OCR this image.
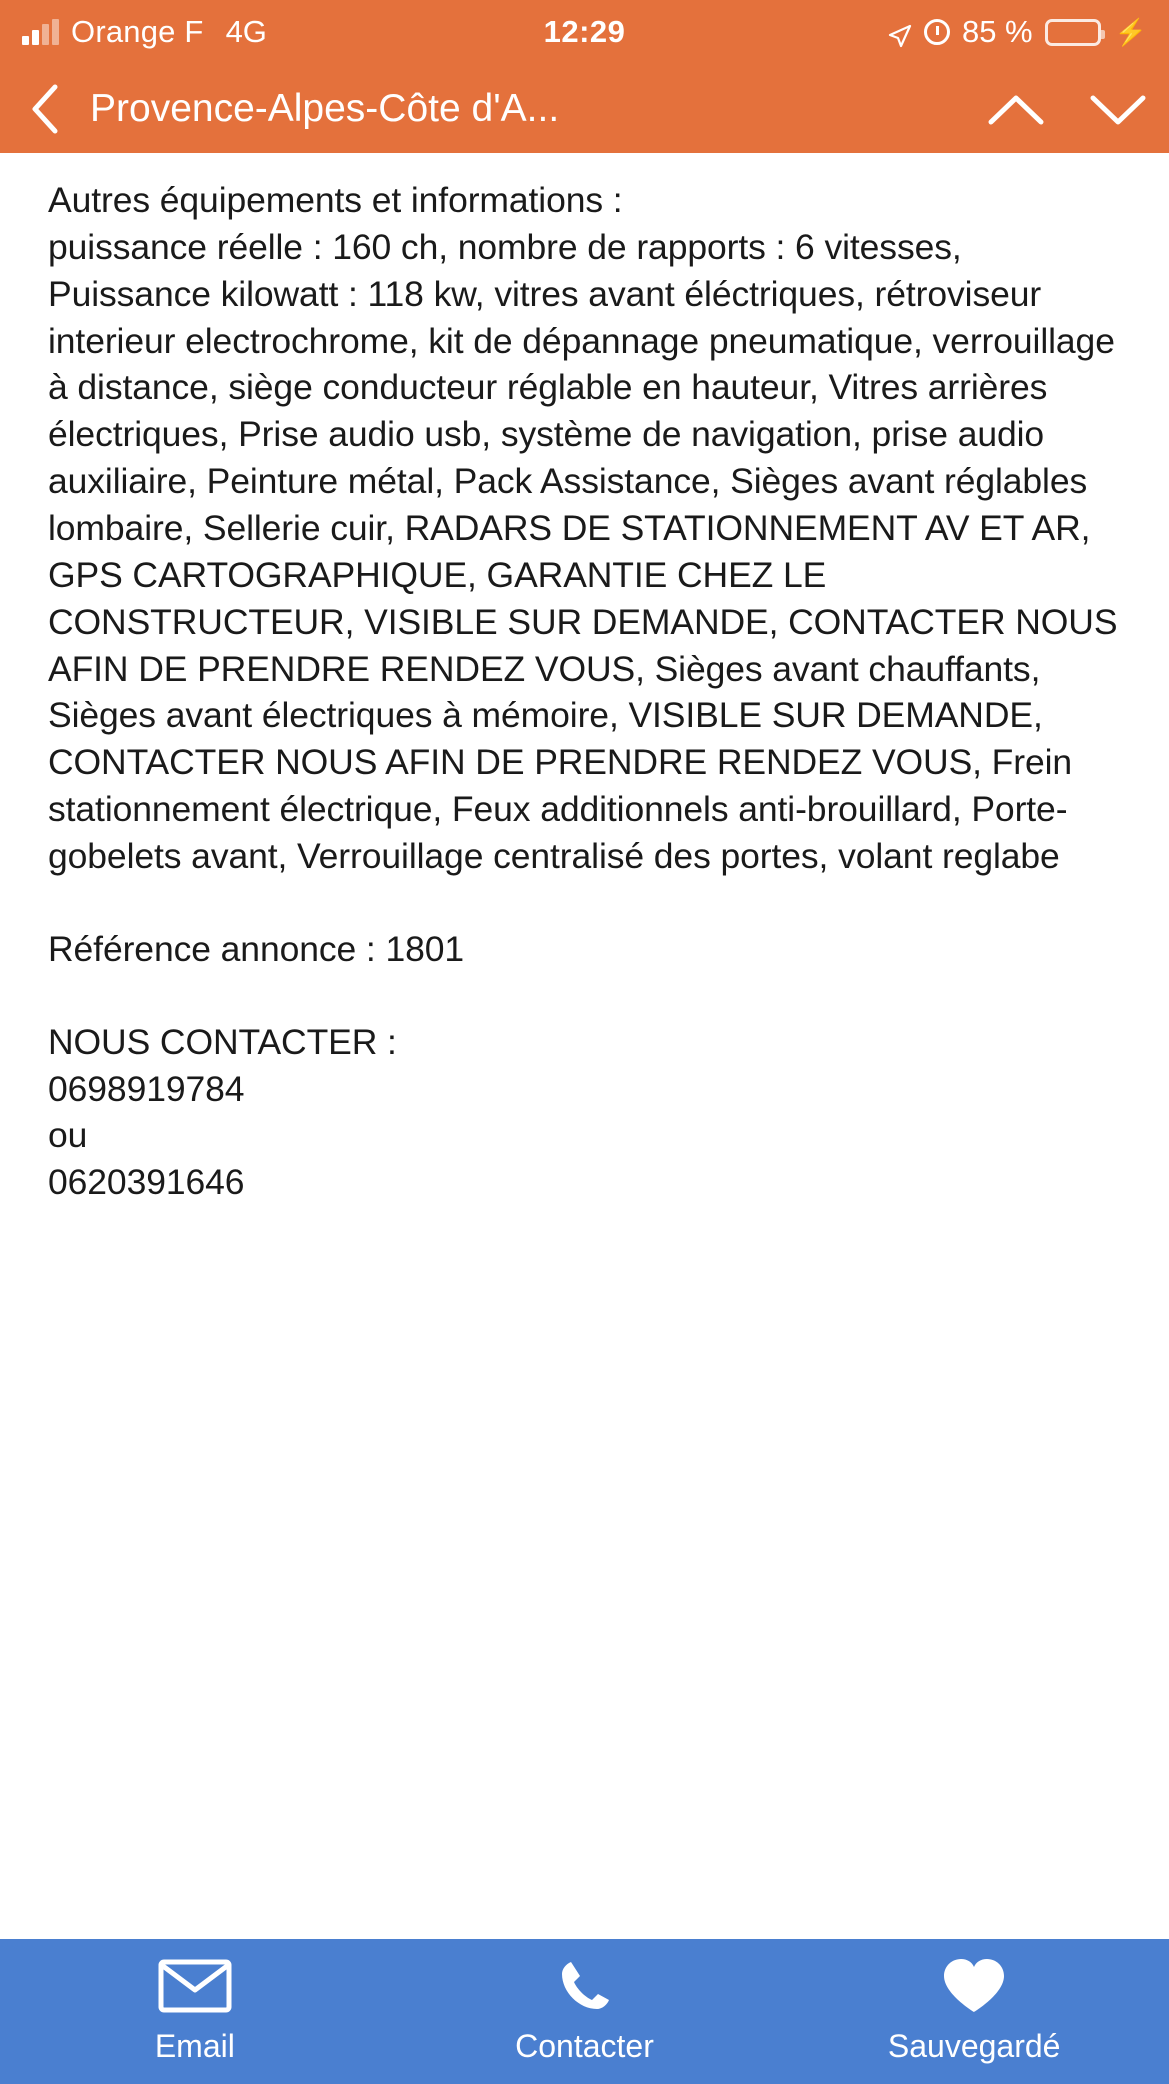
Orange F 4G	12:29	85 %	⚡
Provence-Alpes-Côte d'A...

Autres équipements et informations :

puissance réelle : 160 ch, nombre de rapports : 6 vitesses, Puissance kilowatt : 118 kw, vitres avant éléctriques, rétroviseur interieur electrochrome, kit de dépannage pneumatique, verrouillage à distance, siège conducteur réglable en hauteur, Vitres arrières électriques, Prise audio usb, système de navigation, prise audio auxiliaire, Peinture métal, Pack Assistance, Sièges avant réglables lombaire, Sellerie cuir, RADARS DE STATIONNEMENT AV ET AR, GPS CARTOGRAPHIQUE, GARANTIE CHEZ LE CONSTRUCTEUR, VISIBLE SUR DEMANDE, CONTACTER NOUS AFIN DE PRENDRE RENDEZ VOUS, Sièges avant chauffants, Sièges avant électriques à mémoire, VISIBLE SUR DEMANDE, CONTACTER NOUS AFIN DE PRENDRE RENDEZ VOUS, Frein stationnement électrique, Feux additionnels anti-brouillard, Porte-gobelets avant, Verrouillage centralisé des portes, volant reglabe

Référence annonce : 1801

NOUS CONTACTER :

0698919784

ou

0620391646

Email	Contacter	Sauvegardé
